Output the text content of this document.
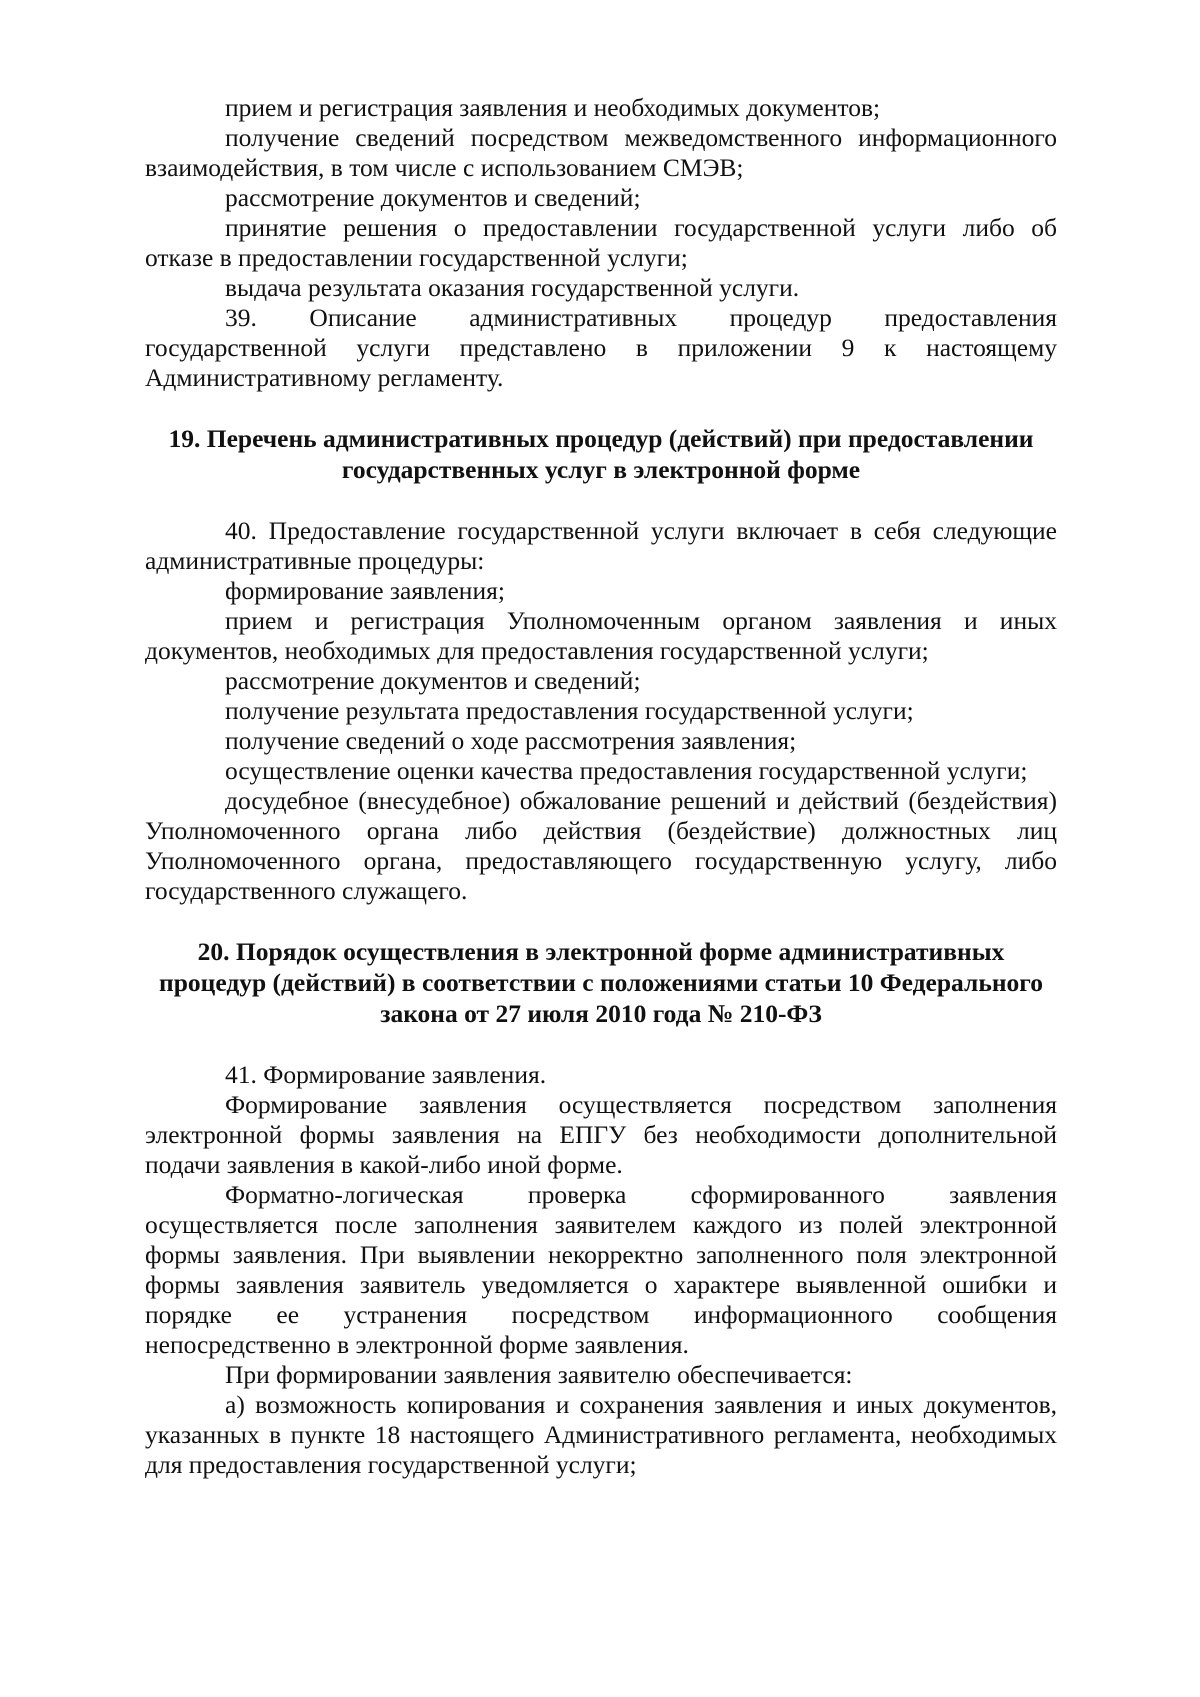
прием и регистрация заявления и необходимых документов;

получение сведений посредством межведомственного информационного взаимодействия, в том числе с использованием СМЭВ;

рассмотрение документов и сведений;

принятие решения о предоставлении государственной услуги либо об отказе в предоставлении государственной услуги;

выдача результата оказания государственной услуги.

39. Описание административных процедур предоставления государственной услуги представлено в приложении 9 к настоящему Административному регламенту.

19. Перечень административных процедур (действий) при предоставлении государственных услуг в электронной форме

40. Предоставление государственной услуги включает в себя следующие административные процедуры:

формирование заявления;

прием и регистрация Уполномоченным органом заявления и иных документов, необходимых для предоставления государственной услуги;

рассмотрение документов и сведений;

получение результата предоставления государственной услуги;

получение сведений о ходе рассмотрения заявления;

осуществление оценки качества предоставления государственной услуги;

досудебное (внесудебное) обжалование решений и действий (бездействия) Уполномоченного органа либо действия (бездействие) должностных лиц Уполномоченного органа, предоставляющего государственную услугу, либо государственного служащего.

20. Порядок осуществления в электронной форме административных процедур (действий) в соответствии с положениями статьи 10 Федерального закона от 27 июля 2010 года № 210-ФЗ

41. Формирование заявления.

Формирование заявления осуществляется посредством заполнения электронной формы заявления на ЕПГУ без необходимости дополнительной подачи заявления в какой-либо иной форме.

Форматно-логическая проверка сформированного заявления осуществляется после заполнения заявителем каждого из полей электронной формы заявления. При выявлении некорректно заполненного поля электронной формы заявления заявитель уведомляется о характере выявленной ошибки и порядке ее устранения посредством информационного сообщения непосредственно в электронной форме заявления.

При формировании заявления заявителю обеспечивается:

а) возможность копирования и сохранения заявления и иных документов, указанных в пункте 18 настоящего Административного регламента, необходимых для предоставления государственной услуги;
